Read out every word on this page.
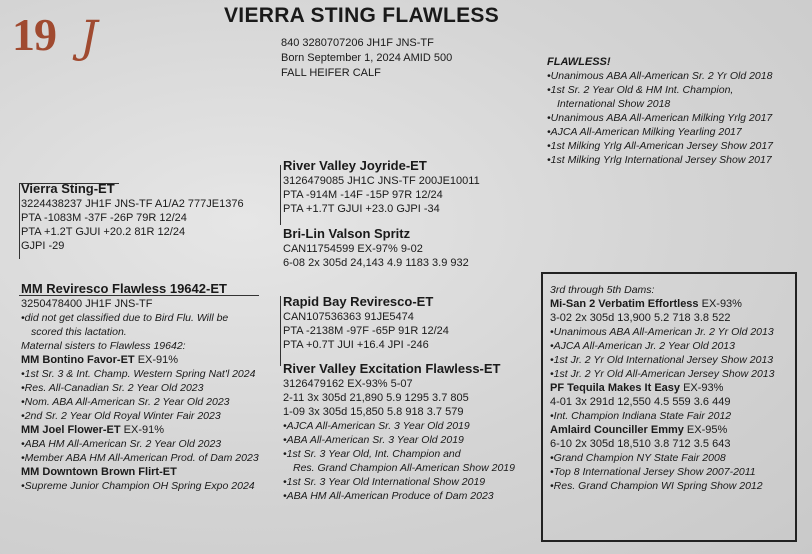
19 J	VIERRA STING FLAWLESS
840 3280707206 JH1F JNS-TF
Born September 1, 2024 AMID 500
FALL HEIFER CALF
FLAWLESS!
•Unanimous ABA All-American Sr. 2 Yr Old 2018
•1st Sr. 2 Year Old & HM Int. Champion,
International Show 2018
•Unanimous ABA All-American Milking Yrlg 2017
•AJCA All-American Milking Yearling 2017
•1st Milking Yrlg All-American Jersey Show 2017
•1st Milking Yrlg International Jersey Show 2017
Vierra Sting-ET
3224438237 JH1F JNS-TF A1/A2 777JE1376
PTA -1083M -37F -26P 79R 12/24
PTA +1.2T GJUI +20.2 81R 12/24
GJPI -29
River Valley Joyride-ET
3126479085 JH1C JNS-TF 200JE10011
PTA -914M -14F -15P 97R 12/24
PTA +1.7T GJUI +23.0 GJPI -34
Bri-Lin Valson Spritz
CAN11754599 EX-97% 9-02
6-08 2x 305d 24,143 4.9 1183 3.9 932
MM Reviresco Flawless 19642-ET
3250478400 JH1F JNS-TF
•did not get classified due to Bird Flu. Will be
scored this lactation.
Maternal sisters to Flawless 19642:
MM Bontino Favor-ET EX-91%
•1st Sr. 3 & Int. Champ. Western Spring Nat'l 2024
•Res. All-Canadian Sr. 2 Year Old 2023
•Nom. ABA All-American Sr. 2 Year Old 2023
•2nd Sr. 2 Year Old Royal Winter Fair 2023
MM Joel Flower-ET EX-91%
•ABA HM All-American Sr. 2 Year Old 2023
•Member ABA HM All-American Prod. of Dam 2023
MM Downtown Brown Flirt-ET
•Supreme Junior Champion OH Spring Expo 2024
Rapid Bay Reviresco-ET
CAN107536363 91JE5474
PTA -2138M -97F -65P 91R 12/24
PTA +0.7T JUI +16.4 JPI -246
River Valley Excitation Flawless-ET
3126479162 EX-93% 5-07
2-11 3x 305d 21,890 5.9 1295 3.7 805
1-09 3x 305d 15,850 5.8 918 3.7 579
•AJCA All-American Sr. 3 Year Old 2019
•ABA All-American Sr. 3 Year Old 2019
•1st Sr. 3 Year Old, Int. Champion and
Res. Grand Champion All-American Show 2019
•1st Sr. 3 Year Old International Show 2019
•ABA HM All-American Produce of Dam 2023
3rd through 5th Dams:
Mi-San 2 Verbatim Effortless EX-93%
3-02 2x 305d 13,900 5.2 718 3.8 522
•Unanimous ABA All-American Jr. 2 Yr Old 2013
•AJCA All-American Jr. 2 Year Old 2013
•1st Jr. 2 Yr Old International Jersey Show 2013
•1st Jr. 2 Yr Old All-American Jersey Show 2013
PF Tequila Makes It Easy EX-93%
4-01 3x 291d 12,550 4.5 559 3.6 449
•Int. Champion Indiana State Fair 2012
Amlaird Counciller Emmy EX-95%
6-10 2x 305d 18,510 3.8 712 3.5 643
•Grand Champion NY State Fair 2008
•Top 8 International Jersey Show 2007-2011
•Res. Grand Champion WI Spring Show 2012
